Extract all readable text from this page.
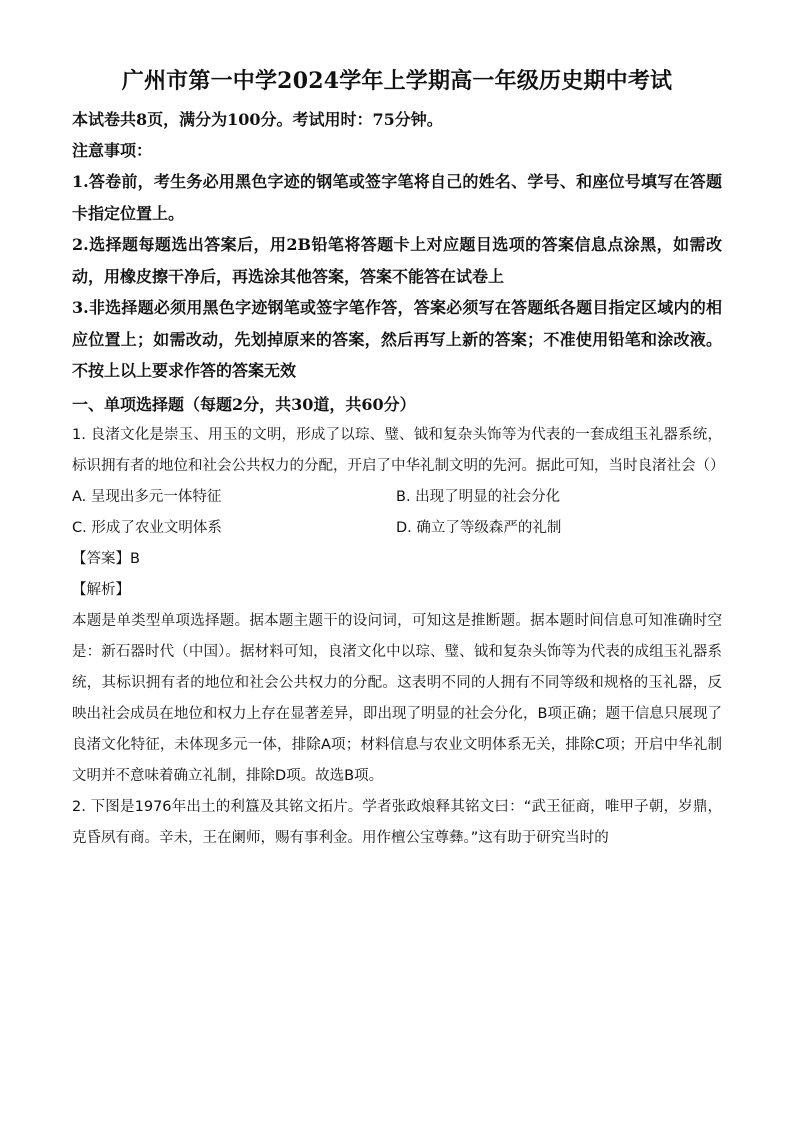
广州市第一中学2024学年上学期高一年级历史期中考试

本试卷共8页，满分为100分。考试用时：75分钟。

注意事项：

1.答卷前，考生务必用黑色字迹的钢笔或签字笔将自己的姓名、学号、和座位号填写在答题卡指定位置上。

2.选择题每题选出答案后，用2B铅笔将答题卡上对应题目选项的答案信息点涂黑，如需改动，用橡皮擦干净后，再选涂其他答案，答案不能答在试卷上

3.非选择题必须用黑色字迹钢笔或签字笔作答，答案必须写在答题纸各题目指定区域内的相应位置上；如需改动，先划掉原来的答案，然后再写上新的答案；不准使用铅笔和涂改液。不按上以上要求作答的答案无效

一、单项选择题（每题2分，共30道，共60分）

1. 良渚文化是崇玉、用玉的文明，形成了以琮、璧、钺和复杂头饰等为代表的一套成组玉礼器系统，标识拥有者的地位和社会公共权力的分配，开启了中华礼制文明的先河。据此可知，当时良渚社会（）

A. 呈现出多元一体特征	B. 出现了明显的社会分化
C. 形成了农业文明体系	D. 确立了等级森严的礼制

【答案】B

【解析】

本题是单类型单项选择题。据本题主题干的设问词，可知这是推断题。据本题时间信息可知准确时空是：新石器时代（中国）。据材料可知，良渚文化中以琮、璧、钺和复杂头饰等为代表的成组玉礼器系统，其标识拥有者的地位和社会公共权力的分配。这表明不同的人拥有不同等级和规格的玉礼器，反映出社会成员在地位和权力上存在显著差异，即出现了明显的社会分化，B项正确；题干信息只展现了良渚文化特征，未体现多元一体，排除A项；材料信息与农业文明体系无关，排除C项；开启中华礼制文明并不意味着确立礼制，排除D项。故选B项。

2. 下图是1976年出土的利簋及其铭文拓片。学者张政烺释其铭文曰：“武王征商，唯甲子朝，岁鼎，克昏夙有商。辛未，王在阑师，赐有事利金。用作檀公宝尊彝。”这有助于研究当时的
